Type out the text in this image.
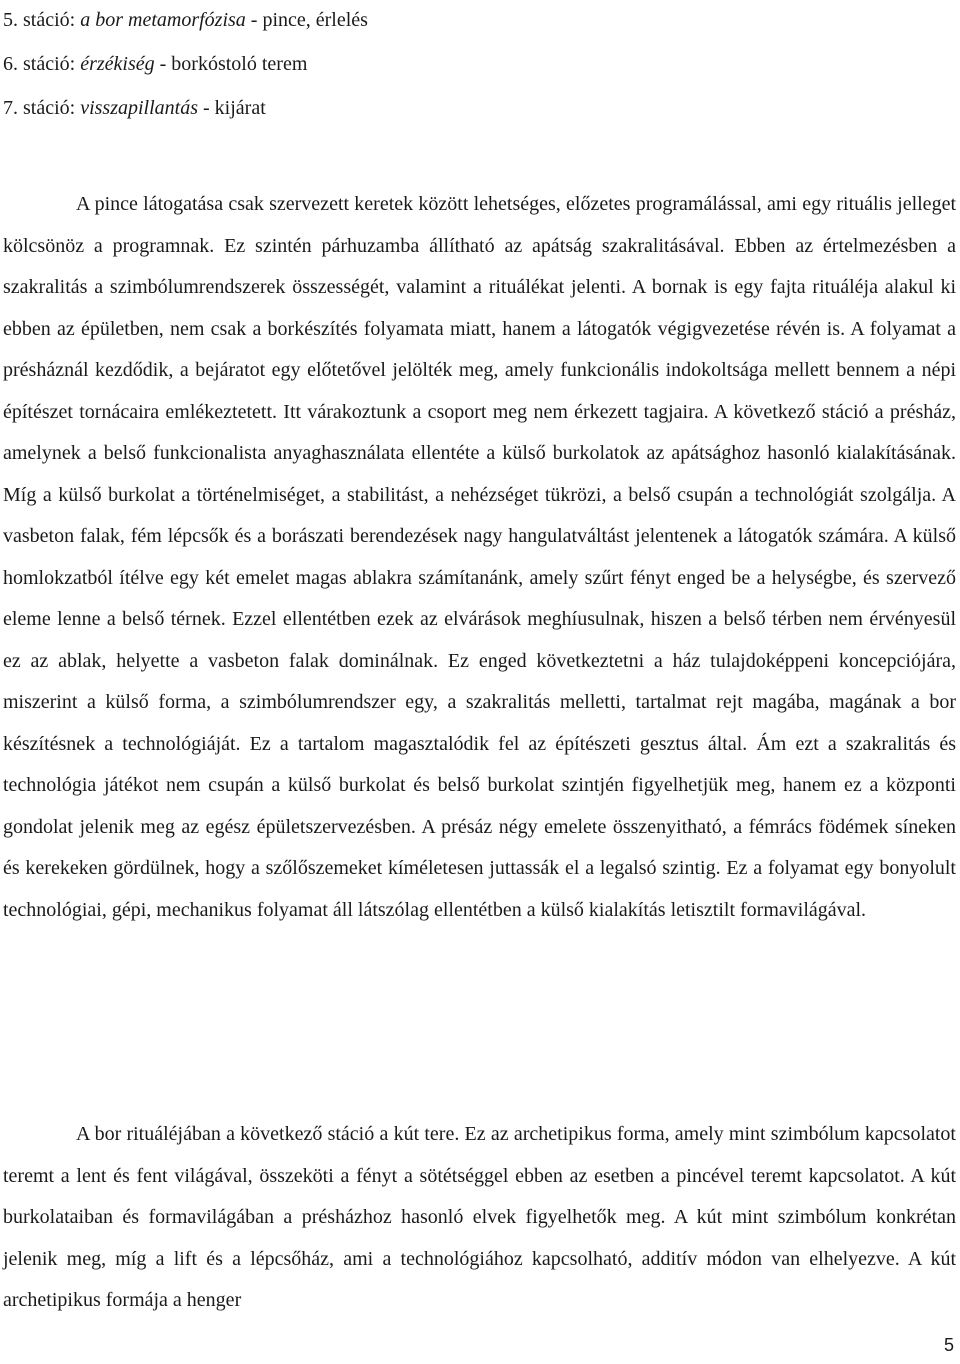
5. stáció: a bor metamorfózisa - pince, érlelés
6. stáció: érzékiség - borkóstoló terem
7. stáció: visszapillantás - kijárat

A pince látogatása csak szervezett keretek között lehetséges, előzetes programálással, ami egy rituális jelleget kölcsönöz a programnak. Ez szintén párhuzamba állítható az apátság szakralitásával. Ebben az értelmezésben a szakralitás a szimbólumrendszerek összességét, valamint a rituálékat jelenti. A bornak is egy fajta rituáléja alakul ki ebben az épületben, nem csak a borkészítés folyamata miatt, hanem a látogatók végigvezetése révén is. A folyamat a présháznál kezdődik, a bejáratot egy előtetővel jelölték meg, amely funkcionális indokoltsága mellett bennem a népi építészet tornácaira emlékeztetett. Itt várakoztunk a csoport meg nem érkezett tagjaira. A következő stáció a présház, amelynek a belső funkcionalista anyaghasználata ellentéte a külső burkolatok az apátsághoz hasonló kialakításának. Míg a külső burkolat a történelmiséget, a stabilitást, a nehézséget tükrözi, a belső csupán a technológiát szolgálja. A vasbeton falak, fém lépcsők és a borászati berendezések nagy hangulatváltást jelentenek a látogatók számára. A külső homlokzatból ítélve egy két emelet magas ablakra számítanánk, amely szűrt fényt enged be a helységbe, és szervező eleme lenne a belső térnek. Ezzel ellentétben ezek az elvárások meghíusulnak, hiszen a belső térben nem érvényesül ez az ablak, helyette a vasbeton falak dominálnak. Ez enged következtetni a ház tulajdoképpeni koncepciójára, miszerint a külső forma, a szimbólumrendszer egy, a szakralitás melletti, tartalmat rejt magába, magának a bor készítésnek a technológiáját. Ez a tartalom magasztalódik fel az építészeti gesztus által. Ám ezt a szakralitás és technológia játékot nem csupán a külső burkolat és belső burkolat szintjén figyelhetjük meg, hanem ez a központi gondolat jelenik meg az egész épületszervezésben. A présáz négy emelete összenyitható, a fémrács födémek síneken és kerekeken gördülnek, hogy a szőlőszemeket kíméletesen juttassák el a legalsó szintig. Ez a folyamat egy bonyolult technológiai, gépi, mechanikus folyamat áll látszólag ellentétben a külső kialakítás letisztilt formavilágával.

A bor rituáléjában a következő stáció a kút tere. Ez az archetipikus forma, amely mint szimbólum kapcsolatot teremt a lent és fent világával, összeköti a fényt a sötétséggel ebben az esetben a pincével teremt kapcsolatot. A kút burkolataiban és formavilágában a présházhoz hasonló elvek figyelhetők meg. A kút mint szimbólum konkrétan jelenik meg, míg a lift és a lépcsőház, ami a technológiához kapcsolható, additív módon van elhelyezve. A kút archetipikus formája a henger

5
